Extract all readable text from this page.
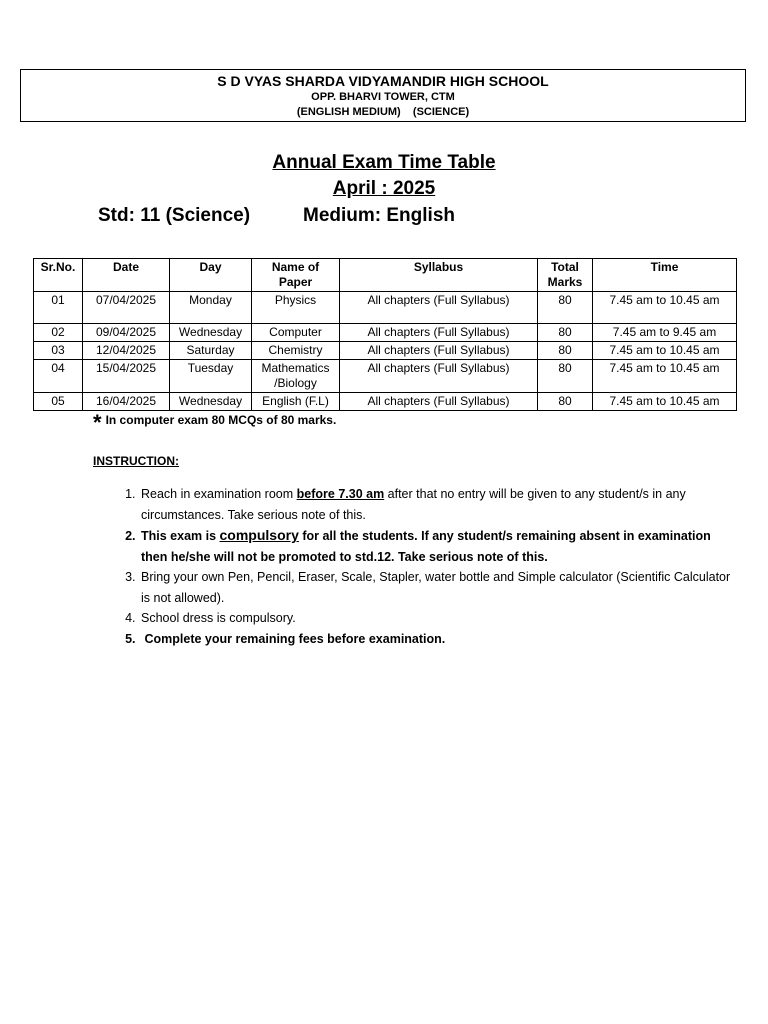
S D VYAS SHARDA VIDYAMANDIR HIGH SCHOOL
OPP. BHARVI TOWER, CTM
(ENGLISH MEDIUM)    (SCIENCE)
Annual Exam Time Table
April : 2025
Std: 11 (Science)	Medium: English
Sr.No.	Date	Day	Name of Paper	Syllabus	Total Marks	Time
01	07/04/2025	Monday	Physics	All chapters (Full Syllabus)	80	7.45 am to 10.45 am
02	09/04/2025	Wednesday	Computer	All chapters (Full Syllabus)	80	7.45 am to 9.45 am
03	12/04/2025	Saturday	Chemistry	All chapters (Full Syllabus)	80	7.45 am to 10.45 am
04	15/04/2025	Tuesday	Mathematics /Biology	All chapters (Full Syllabus)	80	7.45 am to 10.45 am
05	16/04/2025	Wednesday	English (F.L)	All chapters (Full Syllabus)	80	7.45 am to 10.45 am
* In computer exam 80 MCQs of 80 marks.
INSTRUCTION:
1. Reach in examination room before 7.30 am after that no entry will be given to any student/s in any circumstances. Take serious note of this.
2. This exam is compulsory for all the students. If any student/s remaining absent in examination then he/she will not be promoted to std.12. Take serious note of this.
3. Bring your own Pen, Pencil, Eraser, Scale, Stapler, water bottle and Simple calculator (Scientific Calculator is not allowed).
4. School dress is compulsory.
5.  Complete your remaining fees before examination.
